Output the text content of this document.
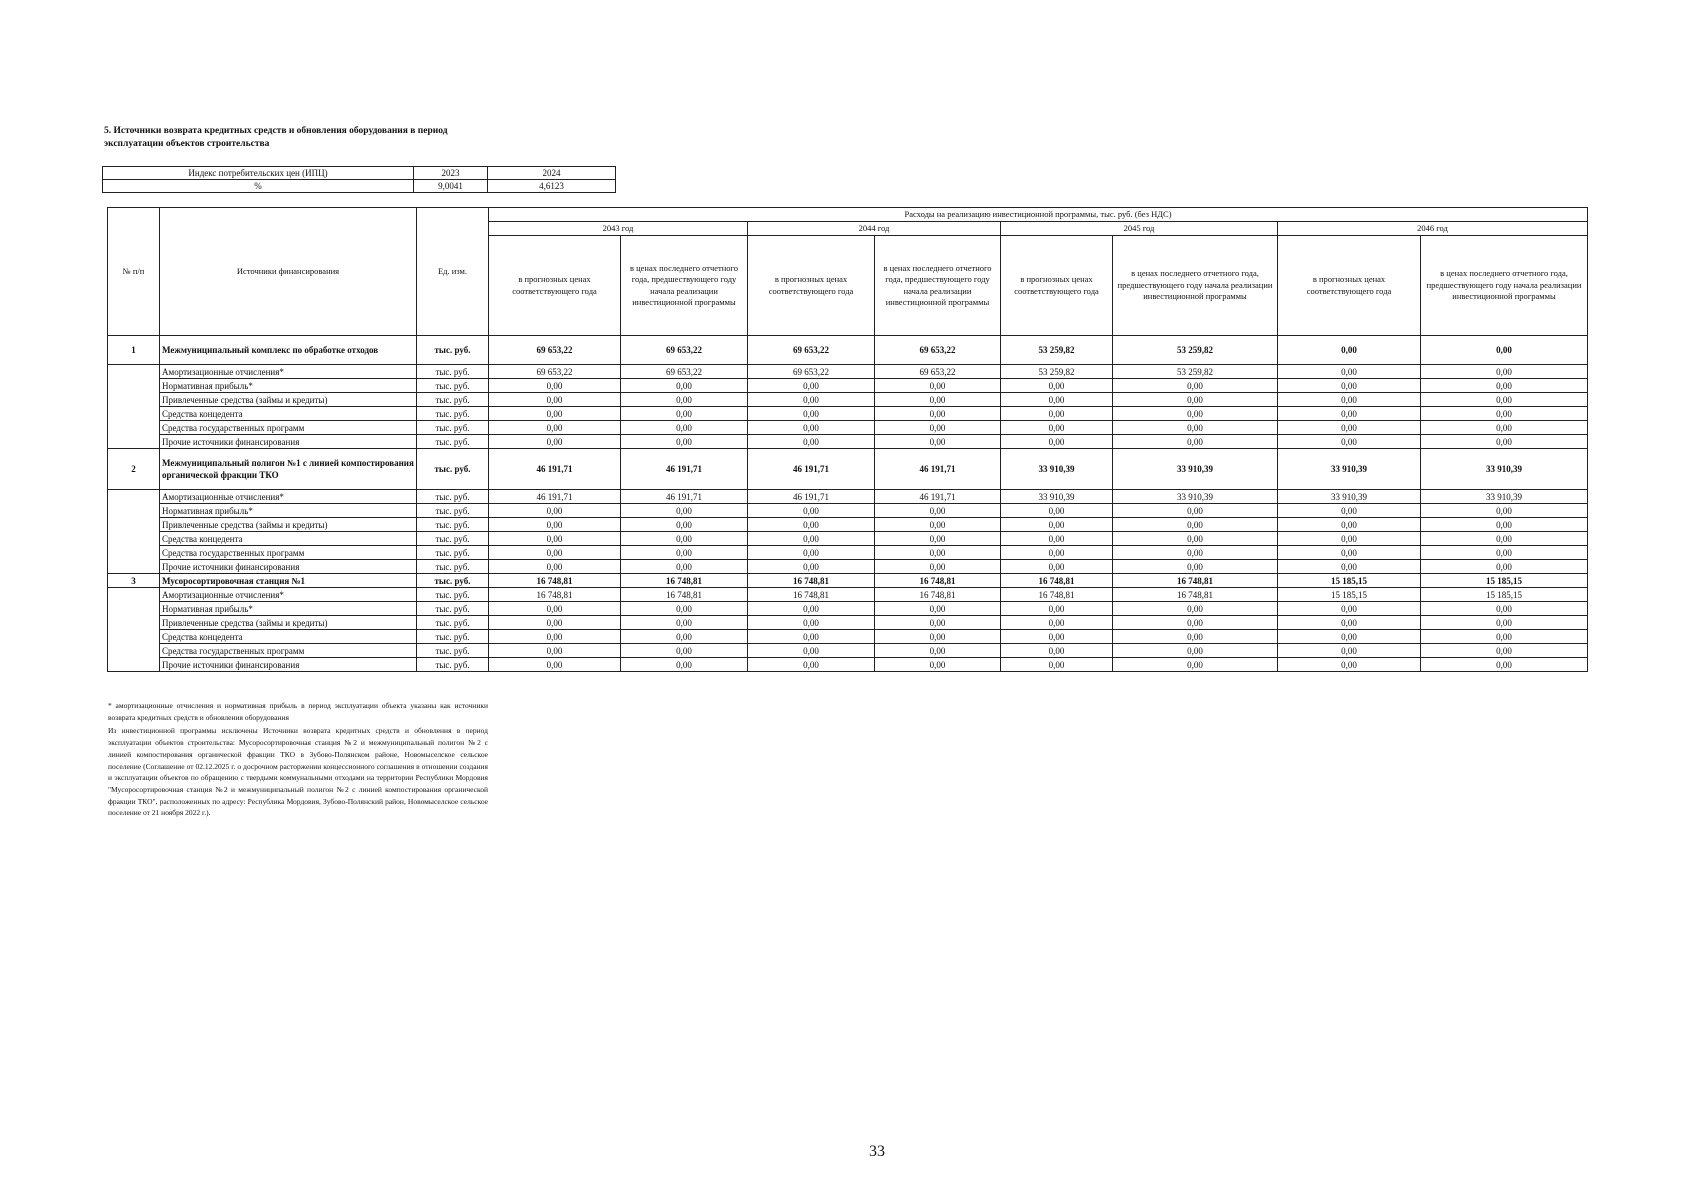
5. Источники возврата кредитных средств и обновления оборудования в период эксплуатации объектов строительства
Индекс потребительских цен (ИПЦ)	2023	2024
%	9,0041	4,6123
№ п/п	Источники финансирования	Ед. изм.	Расходы на реализацию инвестиционной программы, тыс. руб. (без НДС)							
			2043 год		2044 год		2045 год		2046 год	
			в прогнозных ценах соответствующего года	в ценах последнего отчетного года, предшествующего году начала реализации инвестиционной программы	в прогнозных ценах соответствующего года	в ценах последнего отчетного года, предшествующего году начала реализации инвестиционной программы	в прогнозных ценах соответствующего года	в ценах последнего отчетного года, предшествующего году начала реализации инвестиционной программы	в прогнозных ценах соответствующего года	в ценах последнего отчетного года, предшествующего году начала реализации инвестиционной программы
1	Межмуниципальный комплекс по обработке отходов	тыс. руб.	69 653,22	69 653,22	69 653,22	69 653,22	53 259,82	53 259,82	0,00	0,00
	Амортизационные отчисления*	тыс. руб.	69 653,22	69 653,22	69 653,22	69 653,22	53 259,82	53 259,82	0,00	0,00
	Нормативная прибыль*	тыс. руб.	0,00	0,00	0,00	0,00	0,00	0,00	0,00	0,00
	Привлеченные средства (займы и кредиты)	тыс. руб.	0,00	0,00	0,00	0,00	0,00	0,00	0,00	0,00
	Средства концедента	тыс. руб.	0,00	0,00	0,00	0,00	0,00	0,00	0,00	0,00
	Средства государственных программ	тыс. руб.	0,00	0,00	0,00	0,00	0,00	0,00	0,00	0,00
	Прочие источники финансирования	тыс. руб.	0,00	0,00	0,00	0,00	0,00	0,00	0,00	0,00
2	Межмуниципальный полигон №1 с линией компостирования органической фракции ТКО	тыс. руб.	46 191,71	46 191,71	46 191,71	46 191,71	33 910,39	33 910,39	33 910,39	33 910,39
	Амортизационные отчисления*	тыс. руб.	46 191,71	46 191,71	46 191,71	46 191,71	33 910,39	33 910,39	33 910,39	33 910,39
	Нормативная прибыль*	тыс. руб.	0,00	0,00	0,00	0,00	0,00	0,00	0,00	0,00
	Привлеченные средства (займы и кредиты)	тыс. руб.	0,00	0,00	0,00	0,00	0,00	0,00	0,00	0,00
	Средства концедента	тыс. руб.	0,00	0,00	0,00	0,00	0,00	0,00	0,00	0,00
	Средства государственных программ	тыс. руб.	0,00	0,00	0,00	0,00	0,00	0,00	0,00	0,00
	Прочие источники финансирования	тыс. руб.	0,00	0,00	0,00	0,00	0,00	0,00	0,00	0,00
3	Мусоросортировочная станция №1	тыс. руб.	16 748,81	16 748,81	16 748,81	16 748,81	16 748,81	16 748,81	15 185,15	15 185,15
	Амортизационные отчисления*	тыс. руб.	16 748,81	16 748,81	16 748,81	16 748,81	16 748,81	16 748,81	15 185,15	15 185,15
	Нормативная прибыль*	тыс. руб.	0,00	0,00	0,00	0,00	0,00	0,00	0,00	0,00
	Привлеченные средства (займы и кредиты)	тыс. руб.	0,00	0,00	0,00	0,00	0,00	0,00	0,00	0,00
	Средства концедента	тыс. руб.	0,00	0,00	0,00	0,00	0,00	0,00	0,00	0,00
	Средства государственных программ	тыс. руб.	0,00	0,00	0,00	0,00	0,00	0,00	0,00	0,00
	Прочие источники финансирования	тыс. руб.	0,00	0,00	0,00	0,00	0,00	0,00	0,00	0,00

* амортизационные отчисления и нормативная прибыль в период эксплуатации объекта указаны как источники возврата кредитных средств и обновления оборудования

Из инвестиционной программы исключены Источники возврата кредитных средств и обновления в период эксплуатации объектов строительства: Мусоросортировочная станция №2 и межмуниципальный полигон №2 с линией компостирования органической фракции ТКО в Зубово-Полянском районе, Новомыселское сельское поселение (Соглашение от 02.12.2025 г. о досрочном расторжении концессионного соглашения в отношении создания и эксплуатации объектов по обращению с твердыми коммунальными отходами на территории Республики Мордовия "Мусоросортировочная станция №2 и межмуниципальный полигон №2 с линией компостирования органической фракции ТКО", расположенных по адресу: Республика Мордовия, Зубово-Полянский район, Новомыселское сельское поселение от 21 ноября 2022 г.).

33
